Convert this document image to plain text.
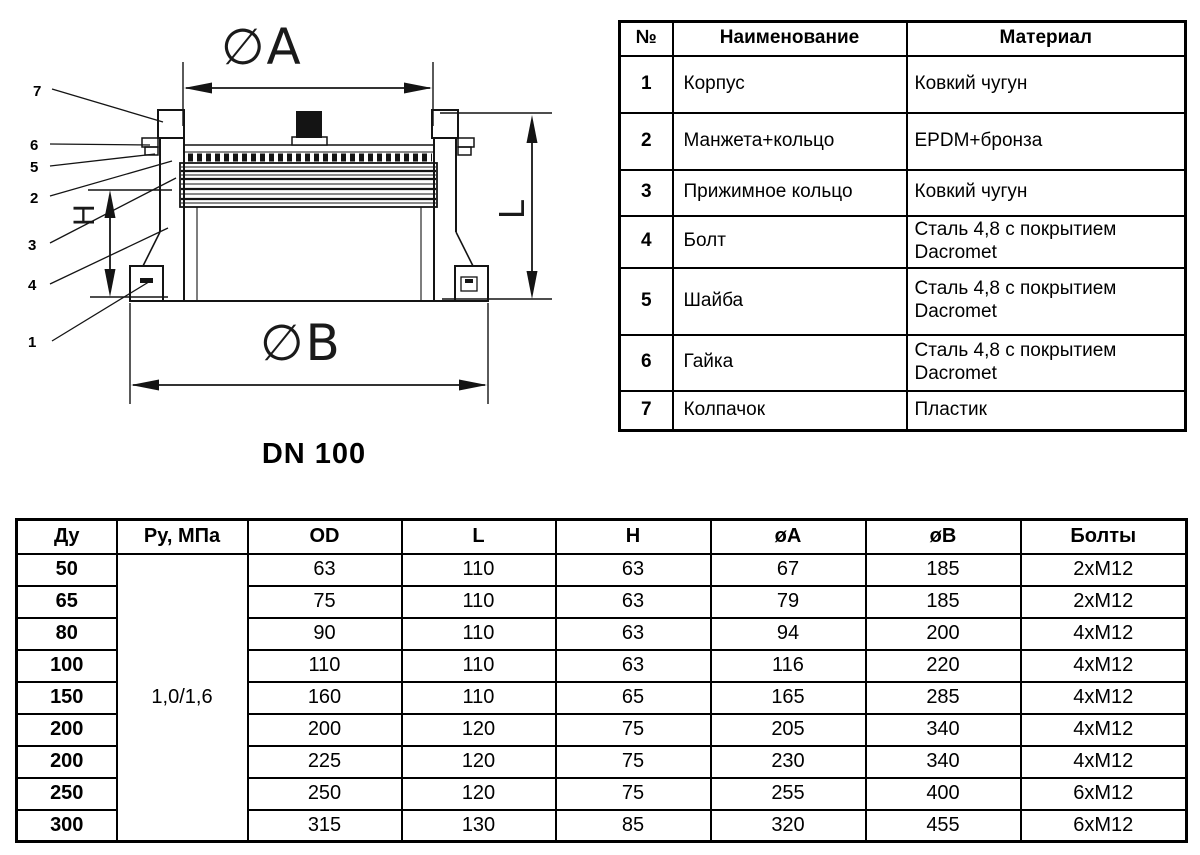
∅A
L
H
∅B
7
6
5
2
3
4
1
DN 100
№	Наименование	Материал
1	Корпус	Ковкий чугун
2	Манжета+кольцо	EPDM+бронза
3	Прижимное кольцо	Ковкий чугун
4	Болт	Сталь 4,8 с покрытием Dacromet
5	Шайба	Сталь 4,8 с покрытием Dacromet
6	Гайка	Сталь 4,8 с покрытием Dacromet
7	Колпачок	Пластик
Ду	Ру, МПа	OD	L	H	øA	øB	Болты
50	1,0/1,6	63	110	63	67	185	2xM12
65		75	110	63	79	185	2xM12
80		90	110	63	94	200	4xM12
100		110	110	63	116	220	4xM12
150		160	110	65	165	285	4xM12
200		200	120	75	205	340	4xM12
200		225	120	75	230	340	4xM12
250		250	120	75	255	400	6xM12
300		315	130	85	320	455	6xM12
